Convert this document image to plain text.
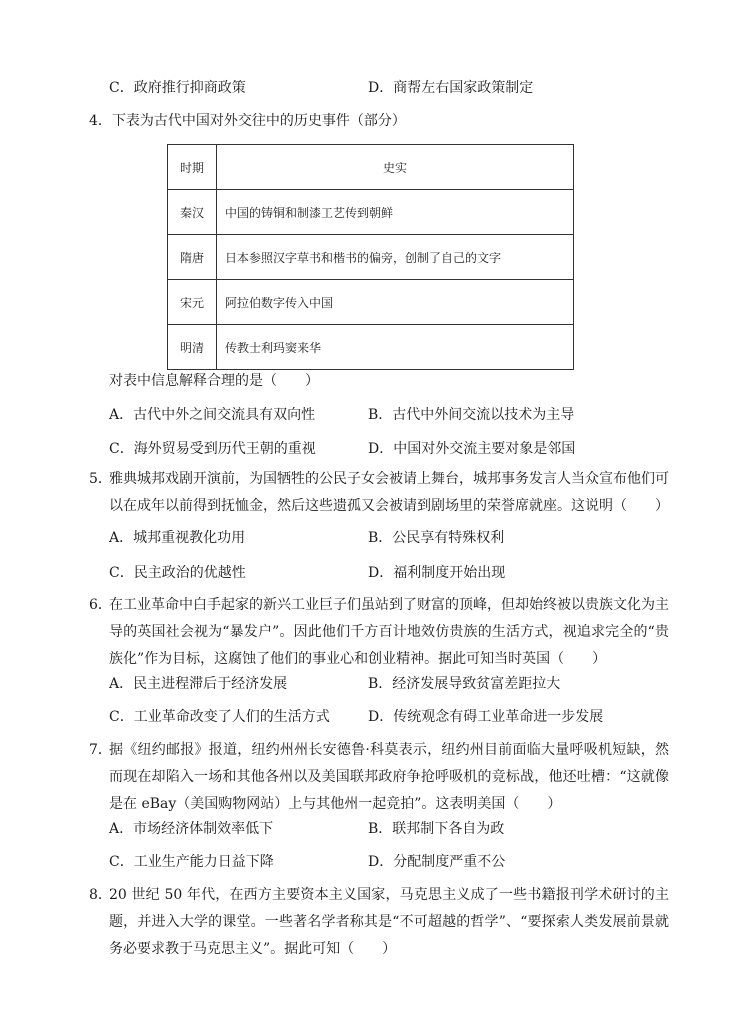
C．政府推行抑商政策	D．商帮左右国家政策制定
4．下表为古代中国对外交往中的历史事件（部分）
时期	史实
秦汉	中国的铸铜和制漆工艺传到朝鲜
隋唐	日本参照汉字草书和楷书的偏旁，创制了自己的文字
宋元	阿拉伯数字传入中国
明清	传教士利玛窦来华
对表中信息解释合理的是（　　）
A．古代中外之间交流具有双向性	B．古代中外间交流以技术为主导
C．海外贸易受到历代王朝的重视	D．中国对外交流主要对象是邻国
5．
雅典城邦戏剧开演前，为国牺牲的公民子女会被请上舞台，城邦事务发言人当众宣布他们可以在成年以前得到抚恤金，然后这些遗孤又会被请到剧场里的荣誉席就座。这说明（　　）
A．城邦重视教化功用	B．公民享有特殊权利
C．民主政治的优越性	D．福利制度开始出现
6．
在工业革命中白手起家的新兴工业巨子们虽站到了财富的顶峰，但却始终被以贵族文化为主导的英国社会视为“暴发户”。因此他们千方百计地效仿贵族的生活方式，视追求完全的“贵族化”作为目标，这腐蚀了他们的事业心和创业精神。据此可知当时英国（　　）
A．民主进程滞后于经济发展	B．经济发展导致贫富差距拉大
C．工业革命改变了人们的生活方式	D．传统观念有碍工业革命进一步发展
7．
据《纽约邮报》报道，纽约州州长安德鲁·科莫表示，纽约州目前面临大量呼吸机短缺，然而现在却陷入一场和其他各州以及美国联邦政府争抢呼吸机的竞标战，他还吐槽：“这就像是在 eBay（美国购物网站）上与其他州一起竞拍”。这表明美国（　　）
A．市场经济体制效率低下	B．联邦制下各自为政
C．工业生产能力日益下降	D．分配制度严重不公
8．
20 世纪 50 年代，在西方主要资本主义国家，马克思主义成了一些书籍报刊学术研讨的主题，并进入大学的课堂。一些著名学者称其是“不可超越的哲学”、“要探索人类发展前景就务必要求教于马克思主义”。据此可知（　　）
